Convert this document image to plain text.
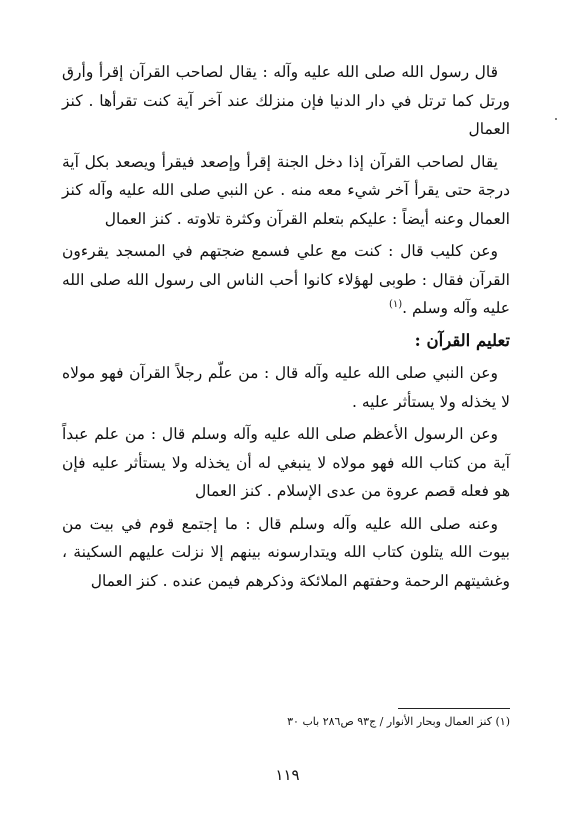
قال رسول الله صلى الله عليه وآله : يقال لصاحب القرآن إقرأ وأرق ورتل كما ترتل في دار الدنيا فإن منزلك عند آخر آية كنت تقرأها . كنز العمال

يقال لصاحب القرآن إذا دخل الجنة إقرأ وإصعد فيقرأ ويصعد بكل آية درجة حتى يقرأ آخر شيء معه منه . عن النبي صلى الله عليه وآله كنز العمال وعنه أيضاً : عليكم بتعلم القرآن وكثرة تلاوته . كنز العمال

وعن كليب قال : كنت مع علي فسمع ضجتهم في المسجد يقرءون القرآن فقال : طوبى لهؤلاء كانوا أحب الناس الى رسول الله صلى الله عليه وآله وسلم .$^{(١)}$

تعليم القرآن :

وعن النبي صلى الله عليه وآله قال : من علّم رجلاً القرآن فهو مولاه لا يخذله ولا يستأثر عليه .

وعن الرسول الأعظم صلى الله عليه وآله وسلم قال : من علم عبداً آية من كتاب الله فهو مولاه لا ينبغي له أن يخذله ولا يستأثر عليه فإن هو فعله قصم عروة من عدى الإسلام . كنز العمال

وعنه صلى الله عليه وآله وسلم قال : ما إجتمع قوم في بيت من بيوت الله يتلون كتاب الله ويتدارسونه بينهم إلا نزلت عليهم السكينة ، وغشيتهم الرحمة وحفتهم الملائكة وذكرهم فيمن عنده . كنز العمال

(١) كنز العمال وبحار الأنوار / ج٩٣ ص٢٨٦ باب ٣٠
١١٩
